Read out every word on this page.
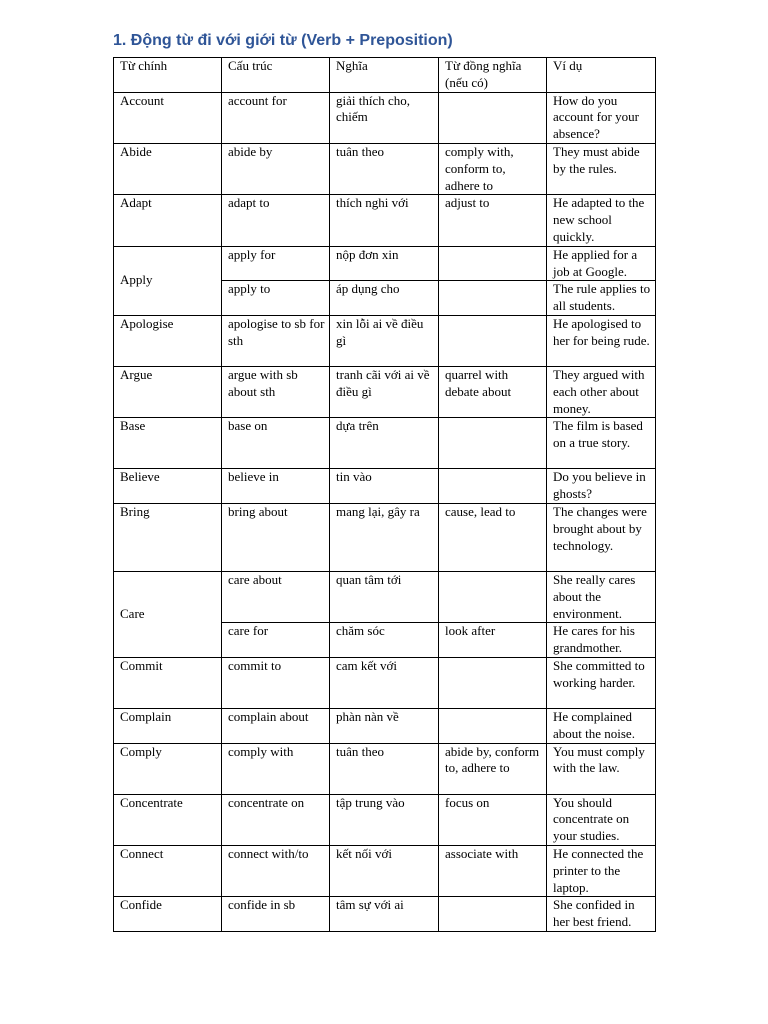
1. Động từ đi với giới từ (Verb + Preposition)
Từ chính	Cấu trúc	Nghĩa	Từ đồng nghĩa (nếu có)	Ví dụ
Account	account for	giải thích cho, chiếm		How do you account for your absence?
Abide	abide by	tuân theo	comply with, conform to, adhere to	They must abide by the rules.
Adapt	adapt to	thích nghi với	adjust to	He adapted to the new school quickly.
Apply	apply for	nộp đơn xin		He applied for a job at Google.
	apply to	áp dụng cho		The rule applies to all students.
Apologise	apologise to sb for sth	xin lỗi ai về điều gì		He apologised to her for being rude.
Argue	argue with sb about sth	tranh cãi với ai về điều gì	quarrel with debate about	They argued with each other about money.
Base	base on	dựa trên		The film is based on a true story.
Believe	believe in	tin vào		Do you believe in ghosts?
Bring	bring about	mang lại, gây ra	cause, lead to	The changes were brought about by technology.
Care	care about	quan tâm tới		She really cares about the environment.
	care for	chăm sóc	look after	He cares for his grandmother.
Commit	commit to	cam kết với		She committed to working harder.
Complain	complain about	phàn nàn về		He complained about the noise.
Comply	comply with	tuân theo	abide by, conform to, adhere to	You must comply with the law.
Concentrate	concentrate on	tập trung vào	focus on	You should concentrate on your studies.
Connect	connect with/to	kết nối với	associate with	He connected the printer to the laptop.
Confide	confide in sb	tâm sự với ai		She confided in her best friend.
